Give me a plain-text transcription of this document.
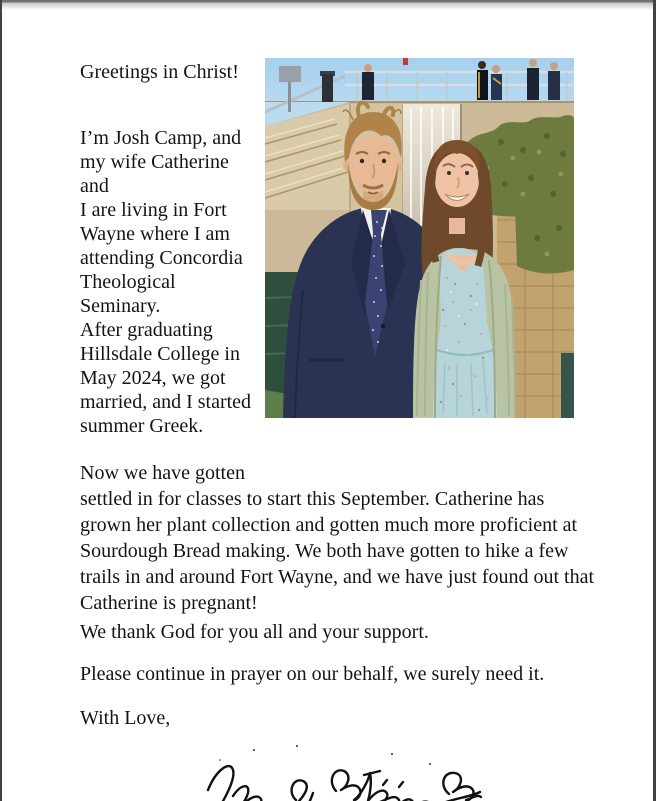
Greetings in Christ!

I’m Josh Camp, and
my wife Catherine and
I are living in Fort
Wayne where I am
attending Concordia
Theological Seminary.
After graduating
Hillsdale College in
May 2024, we got
married, and I started
summer Greek.

Now we have gotten
settled in for classes to start this September. Catherine has
grown her plant collection and gotten much more proficient at
Sourdough Bread making. We both have gotten to hike a few
trails in and around Fort Wayne, and we have just found out that
Catherine is pregnant!

We thank God for you all and your support.

Please continue in prayer on our behalf, we surely need it.

With Love,
